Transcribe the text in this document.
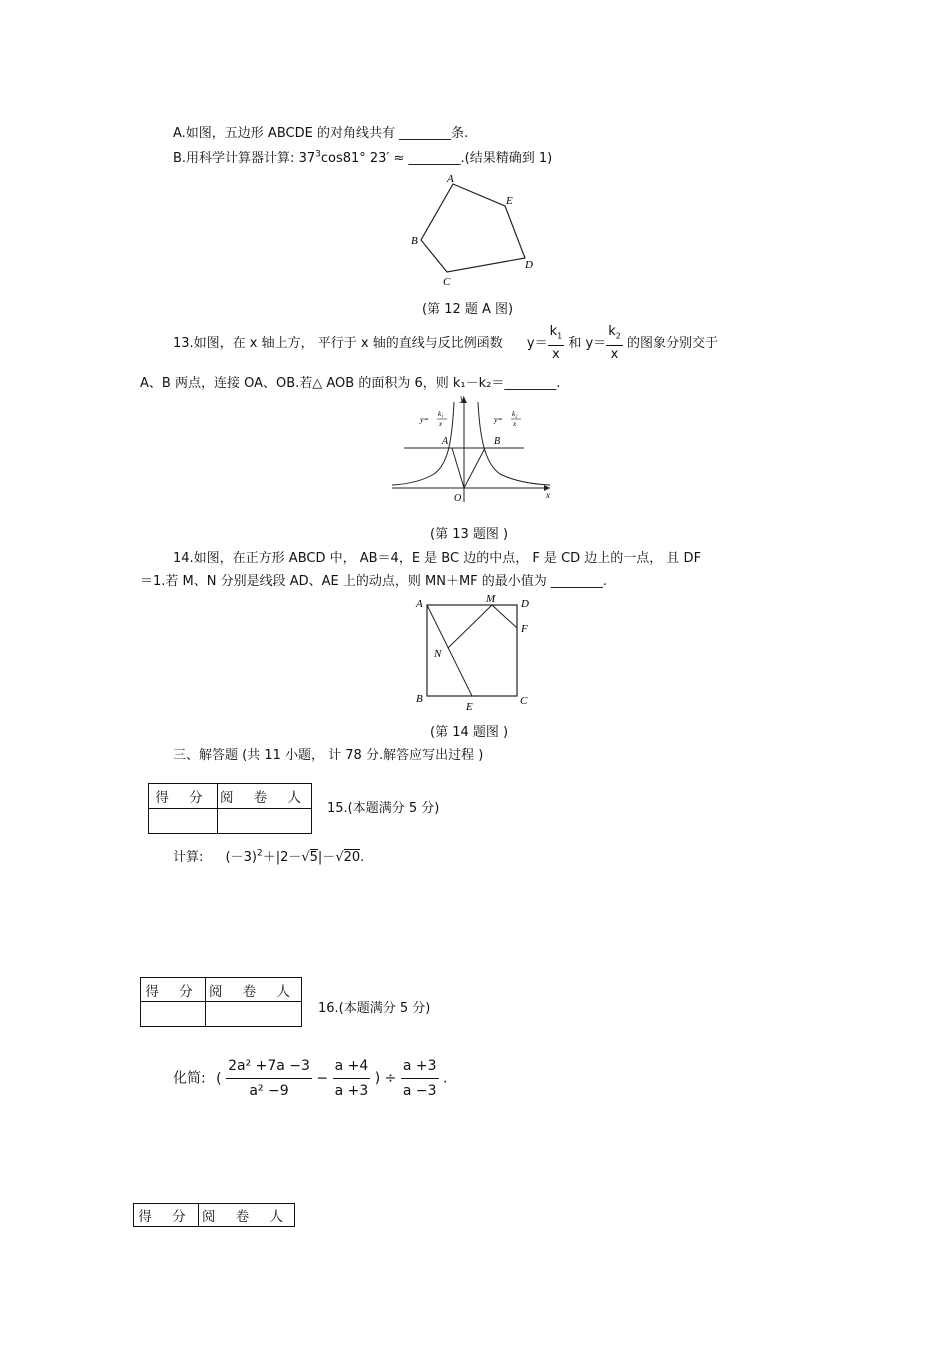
A.如图，五边形 ABCDE 的对角线共有 ________条.
B.用科学计算器计算: $37^3\cos 81^\circ$ 23′ ≈ ________.(结果精确到 1)
A
E
B
D
C
(第 12 题 A 图)
13.如图，在 x 轴上方， 平行于 x 轴的直线与反比例函数 $y= \frac{k_1}{x}$ 和 $y= \frac{k_2}{x}$ 的图象分别交于
A、B 两点，连接 OA、OB.若△ AOB 的面积为 6，则 k₁－k₂＝________.
y
x
O
A	B
y=
k₁
x	y=
k₂
x
(第 13 题图 )
14.如图，在正方形 ABCD 中， AB＝4，E 是 BC 边的中点， F 是 CD 边上的一点， 且 DF
＝1.若 M、N 分别是线段 AD、AE 上的动点，则 MN＋MF 的最小值为 ________.
A	M D
F
N
B
E	C
(第 14 题图 )
三、解答题 (共 11 小题， 计 78 分.解答应写出过程 )
得 分	阅 卷 人

15.(本题满分 5 分)
计算: $(-3)^2+|2-√5|-√20$.
得 分	阅 卷 人

16.(本题满分 5 分)
化简: ( $\frac{\text{2a² +7a −3}}{\text{a² −9}} - \frac{a +4}{a +3}$ ) ÷ $\frac{a +3}{a -3}$ .
得 分	阅 卷 人
